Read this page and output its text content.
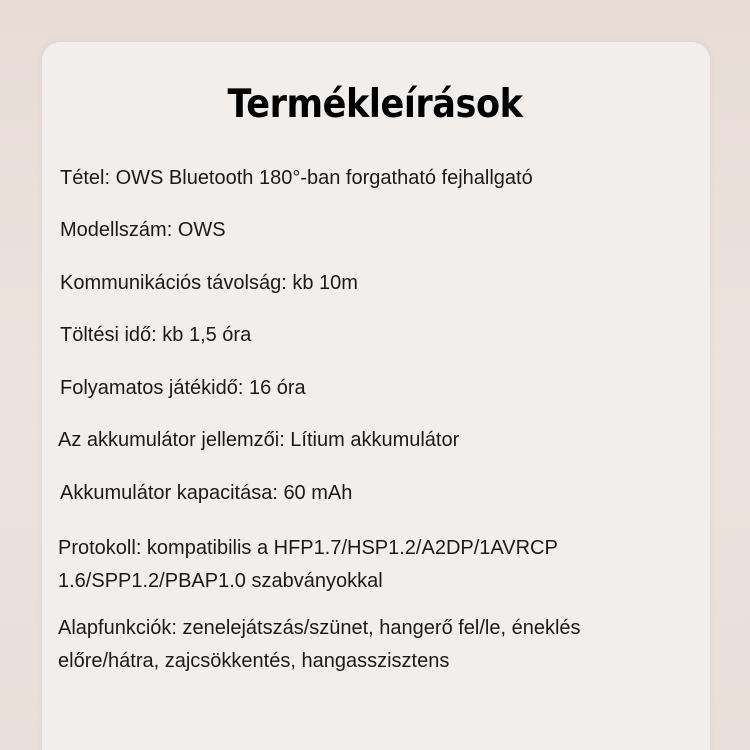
Termékleírások

Tétel: OWS Bluetooth 180°-ban forgatható fejhallgató

Modellszám: OWS

Kommunikációs távolság: kb 10m

Töltési idő: kb 1,5 óra

Folyamatos játékidő: 16 óra

Az akkumulátor jellemzői: Lítium akkumulátor

Akkumulátor kapacitása: 60 mAh

Protokoll: kompatibilis a HFP1.7/HSP1.2/A2DP/1AVRCP

1.6/SPP1.2/PBAP1.0 szabványokkal

Alapfunkciók: zenelejátszás/szünet, hangerő fel/le, éneklés

előre/hátra, zajcsökkentés, hangasszisztens
